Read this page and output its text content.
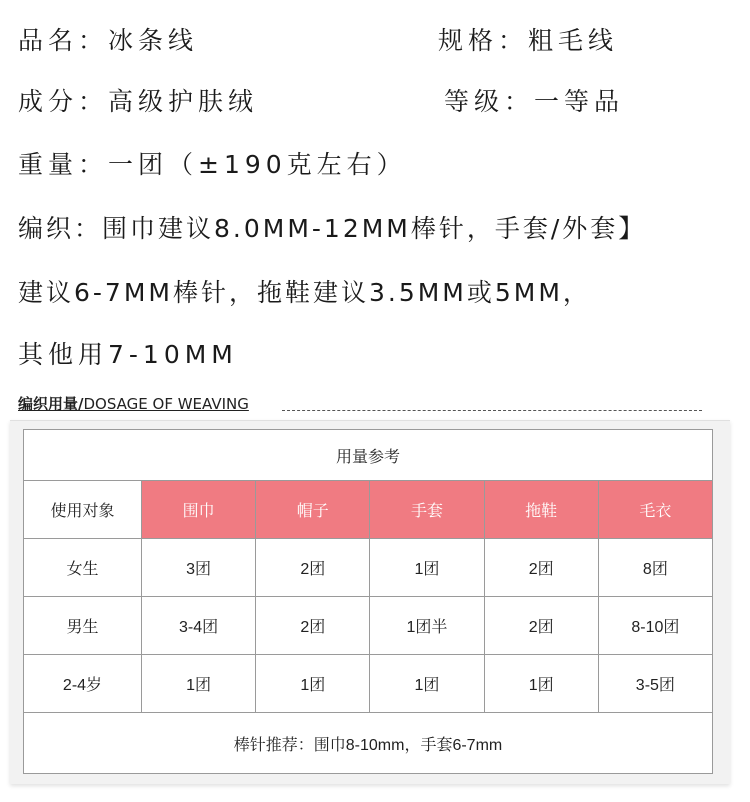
品名：冰条线	规格：粗毛线
成分：高级护肤绒	等级：一等品
重量：一团（±190克左右）
编织：围巾建议8.0MM-12MM棒针，手套/外套】
建议6-7MM棒针，拖鞋建议3.5MM或5MM，
其他用7-10MM
编织用量/DOSAGE OF WEAVING
用量参考					
使用对象	围巾	帽子	手套	拖鞋	毛衣
女生	3团	2团	1团	2团	8团
男生	3-4团	2团	1团半	2团	8-10团
2-4岁	1团	1团	1团	1团	3-5团
棒针推荐：围巾8-10mm，手套6-7mm					
